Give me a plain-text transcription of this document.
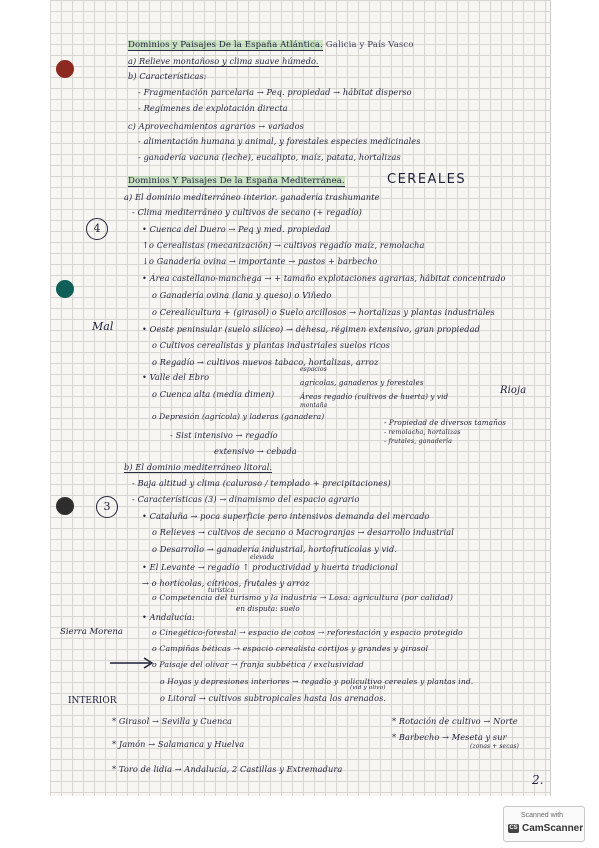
Dominios y Paisajes De la España Atlántica. Galicia y País Vasco
a) Relieve montañoso y clima suave húmedo.
b) Características:
- Fragmentación parcelaria → Peq. propiedad → hábitat disperso
- Regímenes de explotación directa
c) Aprovechamientos agrarios → variados
- alimentación humana y animal, y forestales especies medicinales
- ganadería vacuna (leche), eucalipto, maíz, patata, hortalizas
Dominios Y Paisajes De la España Mediterránea.	CEREALES
a) El dominio mediterráneo interior. ganadería trashumante
- Clima mediterráneo y cultivos de secano (+ regadío)
• Cuenca del Duero → Peq y med. propiedad
↑o Cerealistas (mecanización) → cultivos regadío maíz, remolacha
↓o Ganadería ovina → importante → pastos + barbecho
• Área castellano-manchega → + tamaño explotaciones agrarias, hábitat concentrado
o Ganadería ovina (lana y queso) o Viñedo
o Cerealicultura + (girasol) o Suelo arcillosos → hortalizas y plantas industriales
• Oeste peninsular (suelo silíceo) → dehesa, régimen extensivo, gran propiedad
o Cultivos cerealistas y plantas industriales suelos ricos
o Regadío → cultivos nuevos tabaco, hortalizas, arroz
• Valle del Ebro
espacios
agrícolas, ganaderos y forestales
o Cuenca alta (media dimen)	Áreas regadío (cultivos de huerta) y vid
Rioja
montaña
o Depresión (agrícola) y laderas (ganadera)
- Propiedad de diversos tamaños
- remolacha, hortalizas
- frutales, ganadería
- Sist intensivo → regadío
extensivo → cebada
b) El dominio mediterráneo litoral.
- Baja altitud y clima (caluroso / templado + precipitaciones)
- Características (3) → dinamismo del espacio agrario
• Cataluña → poca superficie pero intensivos demanda del mercado
o Relieves → cultivos de secano o Macrogranjas → desarrollo industrial
o Desarrollo → ganadería industrial, hortofrutícolas y vid.
elevada
• El Levante → regadío ↑ productividad y huerta tradicional
→ o hortícolas, cítricos, frutales y arroz
turística
o Competencia del turismo y la industria → Losa: agricultura (por calidad)
en disputa: suelo
• Andalucía:
o Cinegético-forestal → espacio de cotos → reforestación y espacio protegido
o Campiñas béticas → espacio cerealista cortijos y grandes y girasol
o Paisaje del olivar → franja subbética / exclusividad
o Hoyas y depresiones interiores → regadío y policultivo cereales y plantas ind.
(vid y olivo)
o Litoral → cultivos subtropicales hasta los arenados.
* Girasol → Sevilla y Cuenca
* Jamón → Salamanca y Huelva
* Toro de lidia → Andalucía, 2 Castillas y Extremadura
* Rotación de cultivo → Norte
* Barbecho → Meseta y sur
(zonas + secas)
4
3
Mal
Sierra Morena
INTERIOR
2.
Scanned with
CS CamScanner
